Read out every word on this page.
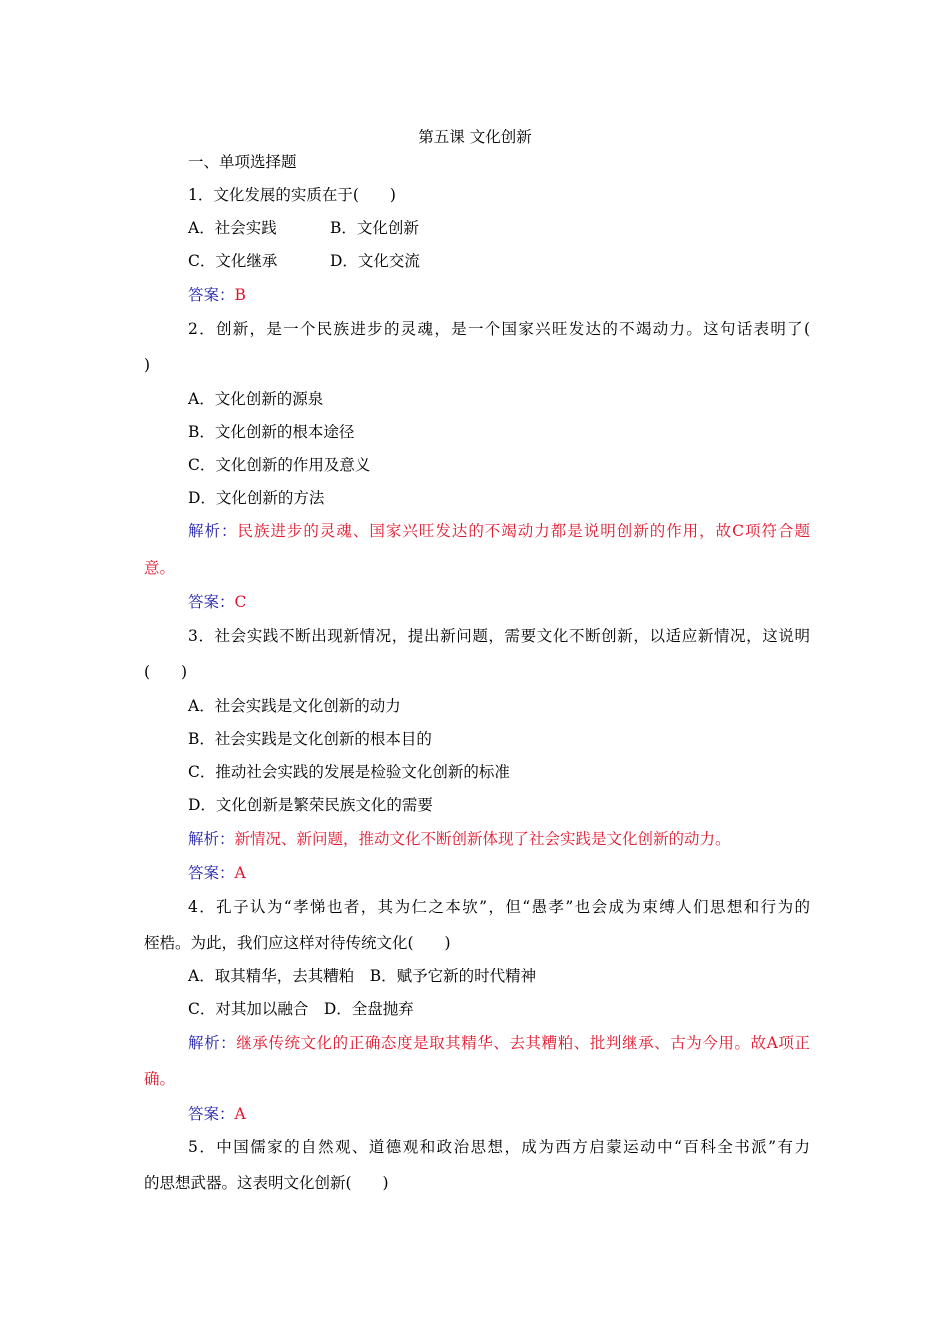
第五课 文化创新
一、单项选择题
1．文化发展的实质在于(　　)
A．社会实践	B．文化创新
C．文化继承	D．文化交流
答案：B
2．创新，是一个民族进步的灵魂，是一个国家兴旺发达的不竭动力。这句话表明了(
)
A．文化创新的源泉
B．文化创新的根本途径
C．文化创新的作用及意义
D．文化创新的方法
解析：民族进步的灵魂、国家兴旺发达的不竭动力都是说明创新的作用，故C项符合题
意。
答案：C
3．社会实践不断出现新情况，提出新问题，需要文化不断创新，以适应新情况，这说明
(　　)
A．社会实践是文化创新的动力
B．社会实践是文化创新的根本目的
C．推动社会实践的发展是检验文化创新的标准
D．文化创新是繁荣民族文化的需要
解析：新情况、新问题，推动文化不断创新体现了社会实践是文化创新的动力。
答案：A
4．孔子认为“孝悌也者，其为仁之本欤”，但“愚孝”也会成为束缚人们思想和行为的
桎梏。为此，我们应这样对待传统文化(　　)
A．取其精华，去其糟粕　B．赋予它新的时代精神
C．对其加以融合　D．全盘抛弃
解析：继承传统文化的正确态度是取其精华、去其糟粕、批判继承、古为今用。故A项正
确。
答案：A
5．中国儒家的自然观、道德观和政治思想，成为西方启蒙运动中“百科全书派”有力
的思想武器。这表明文化创新(　　)
